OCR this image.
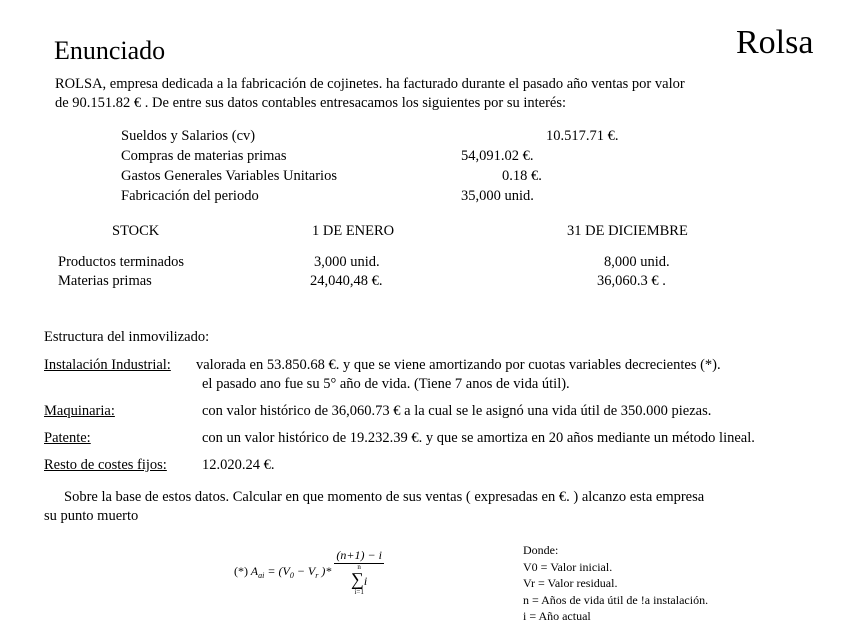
Enunciado	Rolsa
ROLSA, empresa dedicada a la fabricación de cojinetes. ha facturado durante el pasado año ventas por valor
de 90.151.82 € . De entre sus datos contables entresacamos los siguientes por su interés:
Sueldos y Salarios (cv)	10.517.71 €.
Compras de materias primas	54,091.02 €.
Gastos Generales Variables Unitarios	0.18 €.
Fabricación del periodo	35,000 unid.
STOCK	1 DE ENERO	31 DE DICIEMBRE
Productos terminados	3,000 unid.	8,000 unid.
Materias primas	24,040,48 €.	36,060.3 € .
Estructura del inmovilizado:
Instalación Industrial: valorada en 53.850.68 €. y que se viene amortizando por cuotas variables decrecientes (*).
el pasado ano fue su 5° año de vida. (Tiene 7 anos de vida útil).
Maquinaria:	con valor histórico de 36,060.73 € a la cual se le asignó una vida útil de 350.000 piezas.
Patente:	con un valor histórico de 19.232.39 €. y que se amortiza en 20 años mediante un método lineal.
Resto de costes fijos: 12.020.24 €.
Sobre la base de estos datos. Calcular en que momento de sus ventas ( expresadas en €. ) alcanzo esta empresa
su punto muerto
(*) $A_{ai} = (V_0 - V_r$ )* (n+1) − i
n
∑i
i=1	Donde:
V0 = Valor inicial.
Vr = Valor residual.
n = Años de vida útil de !a instalación.
i = Año actual
